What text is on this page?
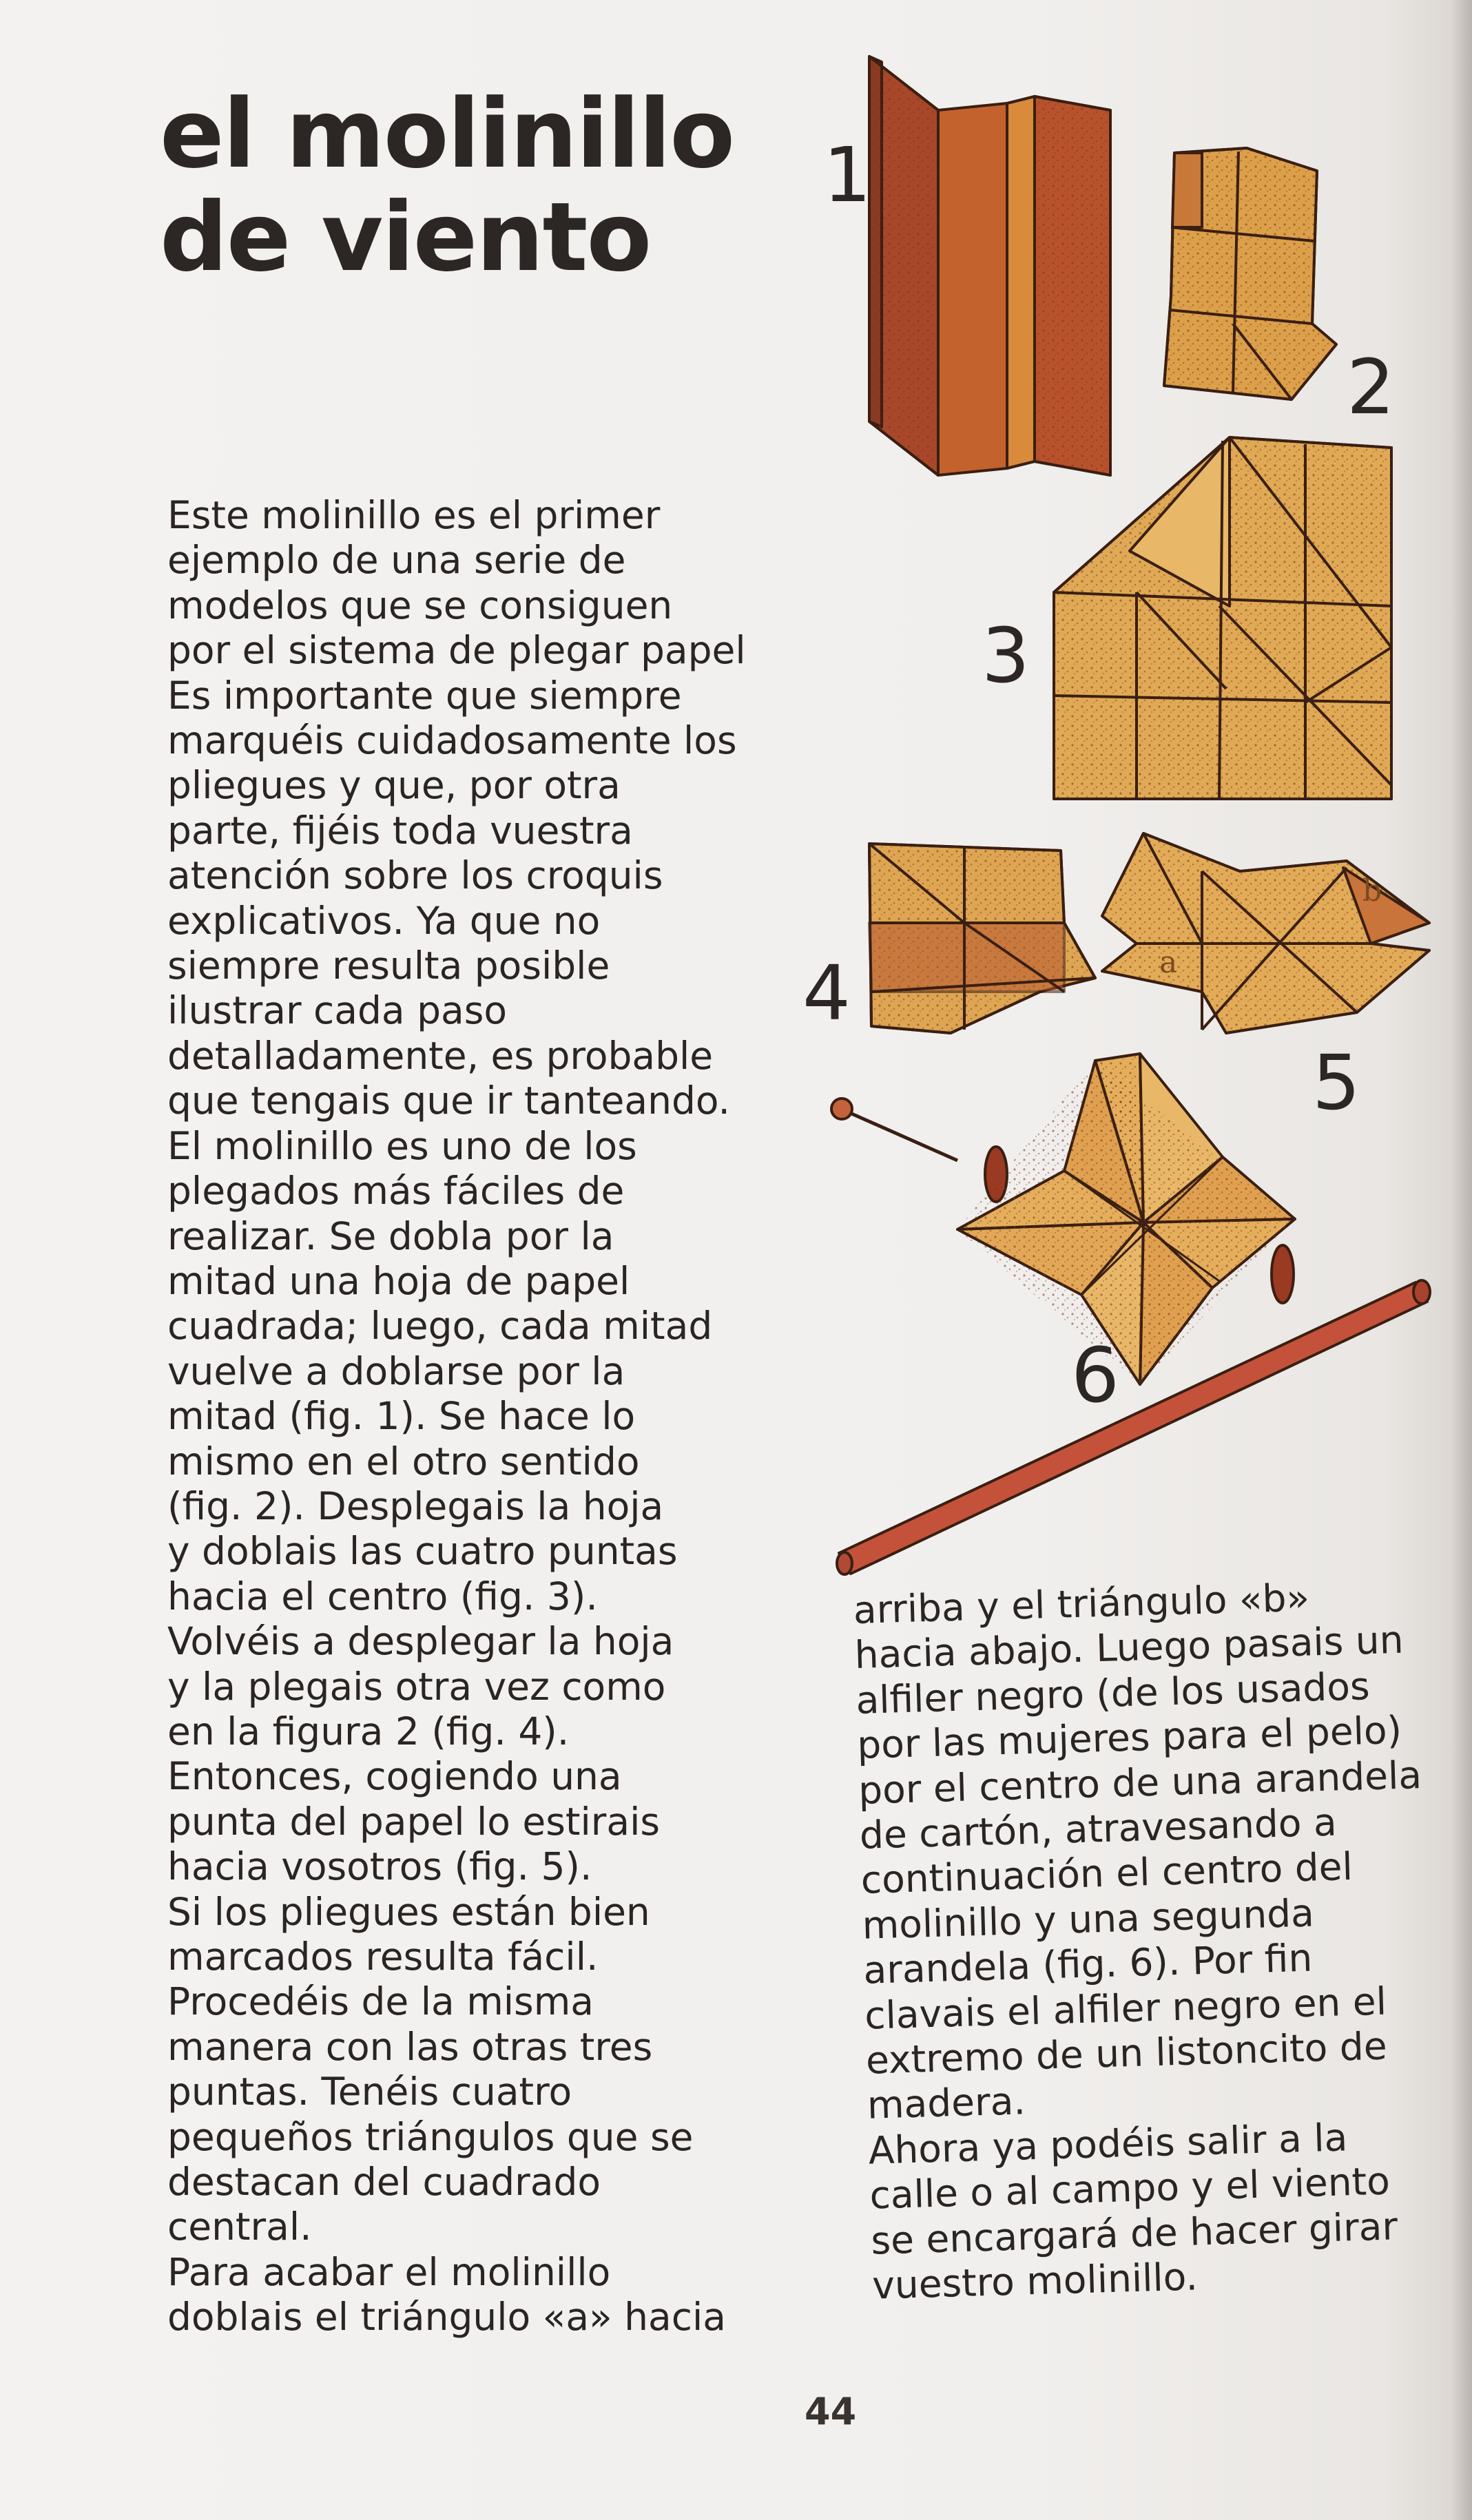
el molinillo
de viento
1
2
3
4	a
b
5
6

Este molinillo es el primer
ejemplo de una serie de
modelos que se consiguen
por el sistema de plegar papel
Es importante que siempre
marquéis cuidadosamente los
pliegues y que, por otra
parte, fijéis toda vuestra
atención sobre los croquis
explicativos. Ya que no
siempre resulta posible
ilustrar cada paso
detalladamente, es probable
que tengais que ir tanteando.
El molinillo es uno de los
plegados más fáciles de
realizar. Se dobla por la
mitad una hoja de papel
cuadrada; luego, cada mitad
vuelve a doblarse por la
mitad (fig. 1). Se hace lo
mismo en el otro sentido
(fig. 2). Desplegais la hoja
y doblais las cuatro puntas
hacia el centro (fig. 3).
Volvéis a desplegar la hoja
y la plegais otra vez como
en la figura 2 (fig. 4).
Entonces, cogiendo una
punta del papel lo estirais
hacia vosotros (fig. 5).
Si los pliegues están bien
marcados resulta fácil.
Procedéis de la misma
manera con las otras tres
puntas. Tenéis cuatro
pequeños triángulos que se
destacan del cuadrado
central.
Para acabar el molinillo
doblais el triángulo «a» hacia

arriba y el triángulo «b»
hacia abajo. Luego pasais un
alfiler negro (de los usados
por las mujeres para el pelo)
por el centro de una arandela
de cartón, atravesando a
continuación el centro del
molinillo y una segunda
arandela (fig. 6). Por fin
clavais el alfiler negro en el
extremo de un listoncito de
madera.
Ahora ya podéis salir a la
calle o al campo y el viento
se encargará de hacer girar
vuestro molinillo.

44
